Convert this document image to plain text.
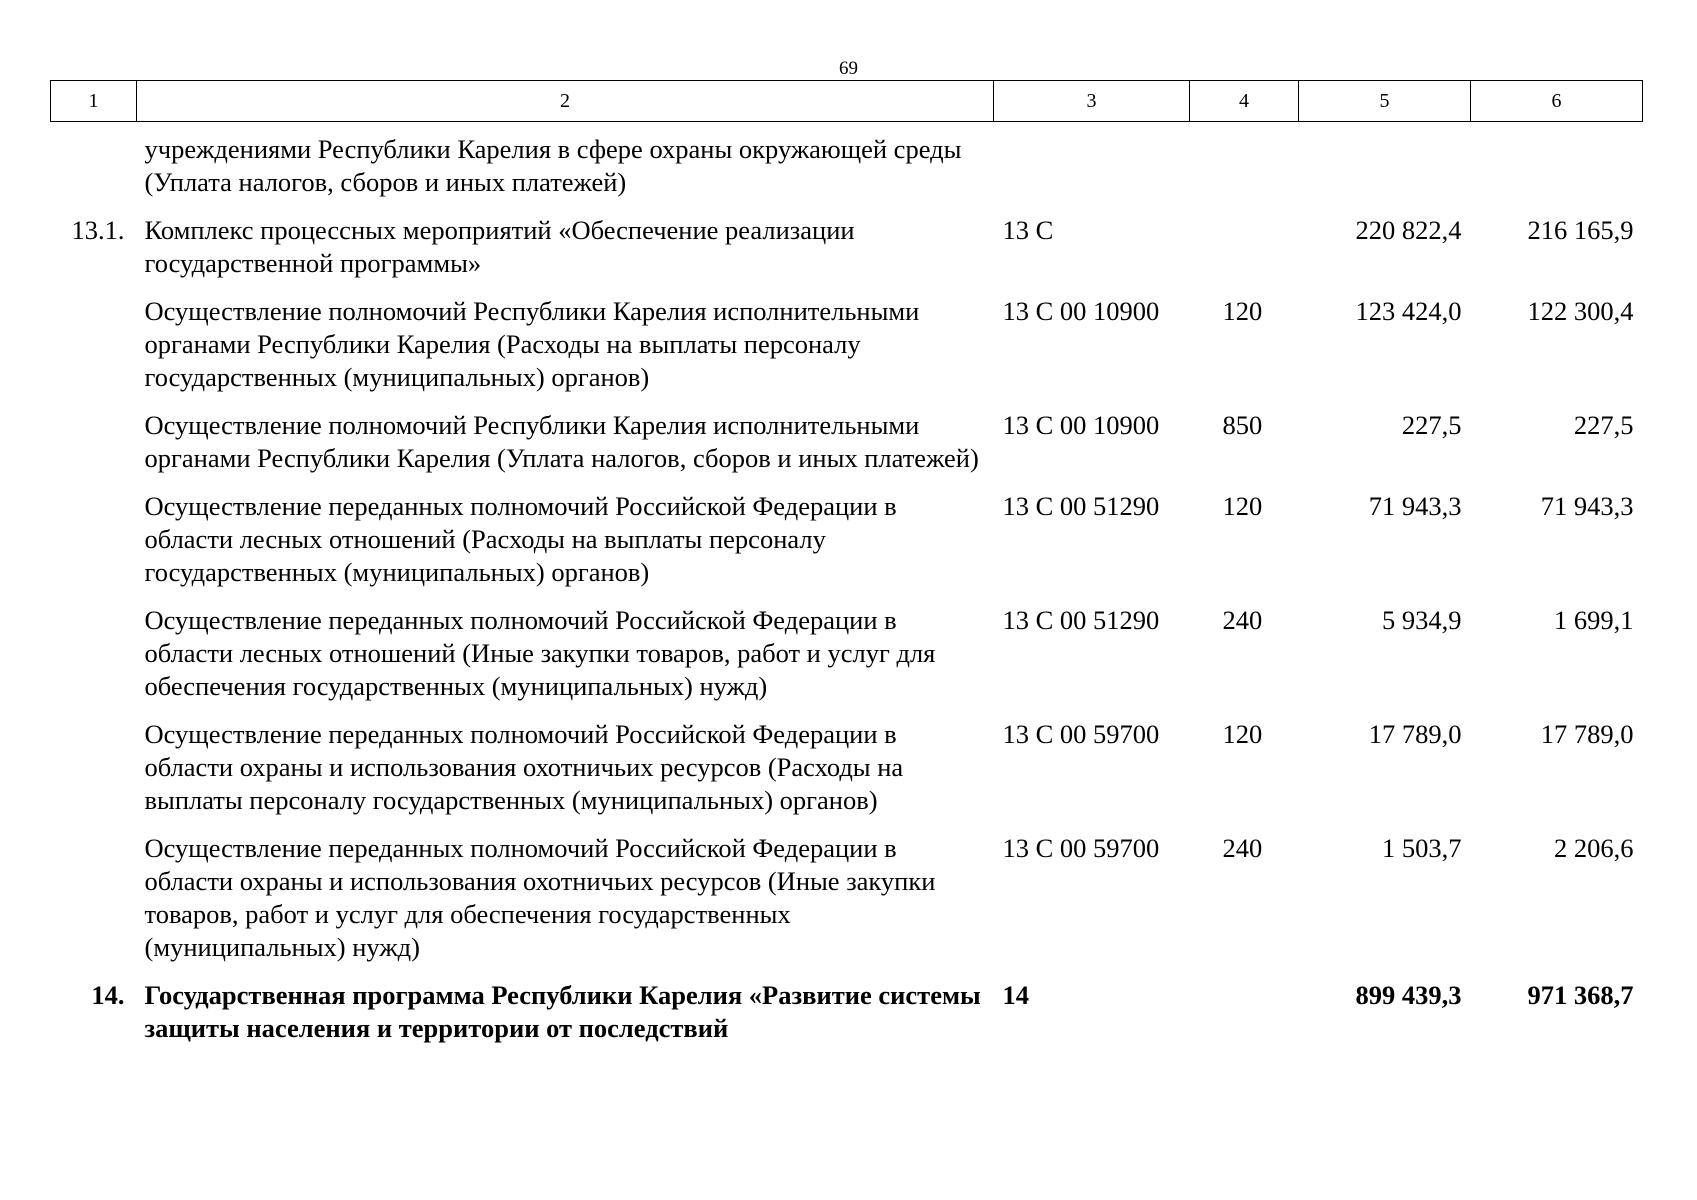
69
1	2	3	4	5	6
	учреждениями Республики Карелия в сфере охраны окружающей среды (Уплата налогов, сборов и иных платежей)				
13.1.	Комплекс процессных мероприятий «Обеспечение реализации государственной программы»	13 С		220 822,4	216 165,9
	Осуществление полномочий Республики Карелия исполнительными органами Республики Карелия (Расходы на выплаты персоналу государственных (муниципальных) органов)	13 С 00 10900	120	123 424,0	122 300,4
	Осуществление полномочий Республики Карелия исполнительными органами Республики Карелия (Уплата налогов, сборов и иных платежей)	13 С 00 10900	850	227,5	227,5
	Осуществление переданных полномочий Российской Федерации в области лесных отношений (Расходы на выплаты персоналу государственных (муниципальных) органов)	13 С 00 51290	120	71 943,3	71 943,3
	Осуществление переданных полномочий Российской Федерации в области лесных отношений (Иные закупки товаров, работ и услуг для обеспечения государственных (муниципальных) нужд)	13 С 00 51290	240	5 934,9	1 699,1
	Осуществление переданных полномочий Российской Федерации в области охраны и использования охотничьих ресурсов (Расходы на выплаты персоналу государственных (муниципальных) органов)	13 С 00 59700	120	17 789,0	17 789,0
	Осуществление переданных полномочий Российской Федерации в области охраны и использования охотничьих ресурсов (Иные закупки товаров, работ и услуг для обеспечения государственных (муниципальных) нужд)	13 С 00 59700	240	1 503,7	2 206,6
14.	Государственная программа Республики Карелия «Развитие системы защиты населения и территории от последствий	14		899 439,3	971 368,7
